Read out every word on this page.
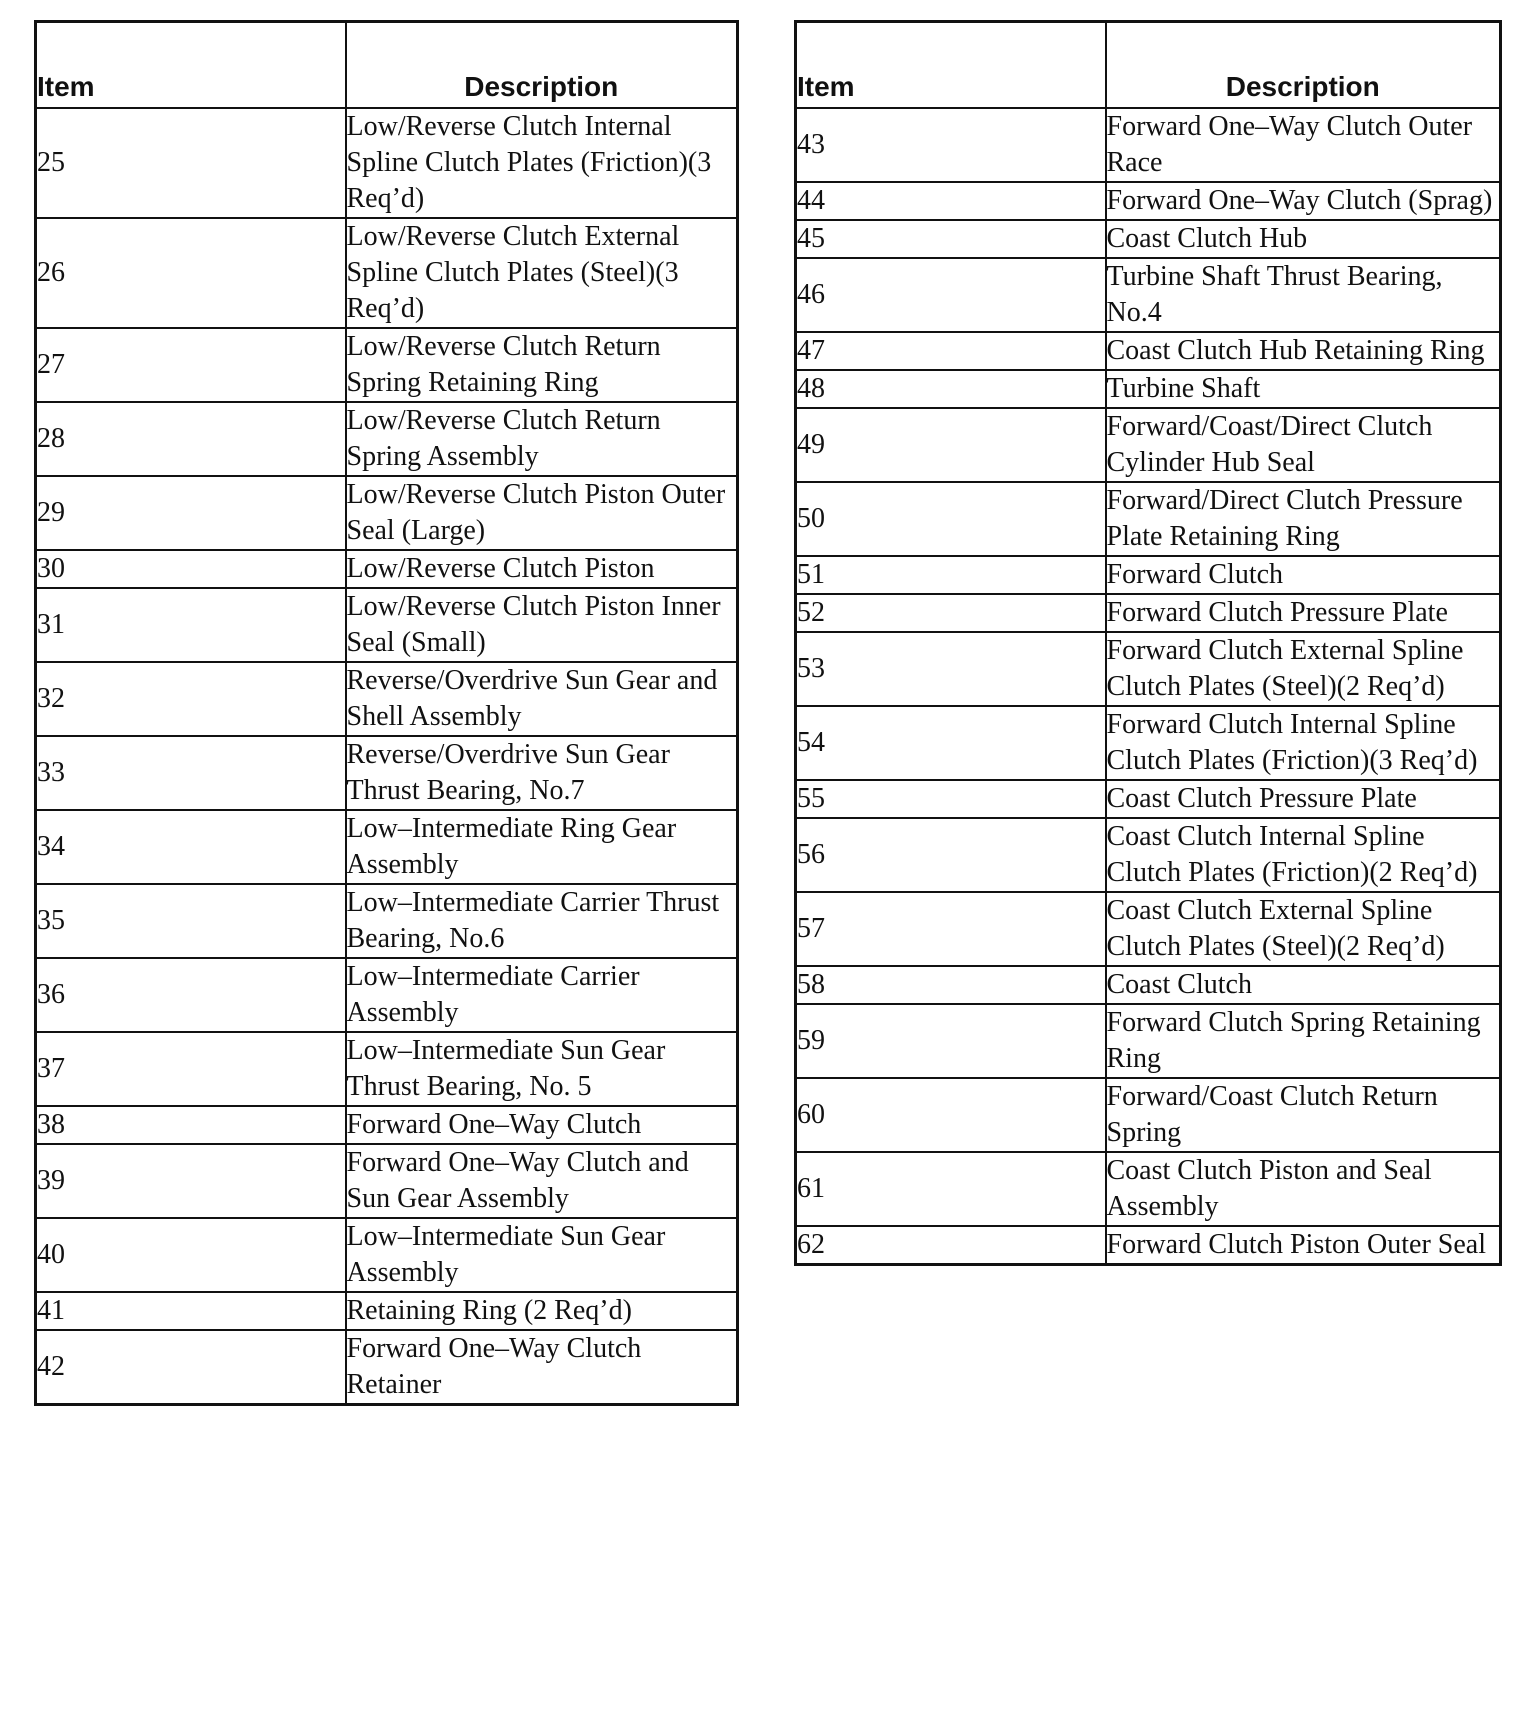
Item	Description
25	Low/Reverse Clutch Internal Spline Clutch Plates (Friction)(3 Req’d)
26	Low/Reverse Clutch External Spline Clutch Plates (Steel)(3 Req’d)
27	Low/Reverse Clutch Return Spring Retaining Ring
28	Low/Reverse Clutch Return Spring Assembly
29	Low/Reverse Clutch Piston Outer Seal (Large)
30	Low/Reverse Clutch Piston
31	Low/Reverse Clutch Piston Inner Seal (Small)
32	Reverse/Overdrive Sun Gear and Shell Assembly
33	Reverse/Overdrive Sun Gear Thrust Bearing, No.7
34	Low–Intermediate Ring Gear Assembly
35	Low–Intermediate Carrier Thrust Bearing, No.6
36	Low–Intermediate Carrier Assembly
37	Low–Intermediate Sun Gear Thrust Bearing, No. 5
38	Forward One–Way Clutch
39	Forward One–Way Clutch and Sun Gear Assembly
40	Low–Intermediate Sun Gear Assembly
41	Retaining Ring (2 Req’d)
42	Forward One–Way Clutch Retainer
Item	Description
43	Forward One–Way Clutch Outer Race
44	Forward One–Way Clutch (Sprag)
45	Coast Clutch Hub
46	Turbine Shaft Thrust Bearing, No.4
47	Coast Clutch Hub Retaining Ring
48	Turbine Shaft
49	Forward/Coast/Direct Clutch Cylinder Hub Seal
50	Forward/Direct Clutch Pressure Plate Retaining Ring
51	Forward Clutch
52	Forward Clutch Pressure Plate
53	Forward Clutch External Spline Clutch Plates (Steel)(2 Req’d)
54	Forward Clutch Internal Spline Clutch Plates (Friction)(3 Req’d)
55	Coast Clutch Pressure Plate
56	Coast Clutch Internal Spline Clutch Plates (Friction)(2 Req’d)
57	Coast Clutch External Spline Clutch Plates (Steel)(2 Req’d)
58	Coast Clutch
59	Forward Clutch Spring Retaining Ring
60	Forward/Coast Clutch Return Spring
61	Coast Clutch Piston and Seal Assembly
62	Forward Clutch Piston Outer Seal
